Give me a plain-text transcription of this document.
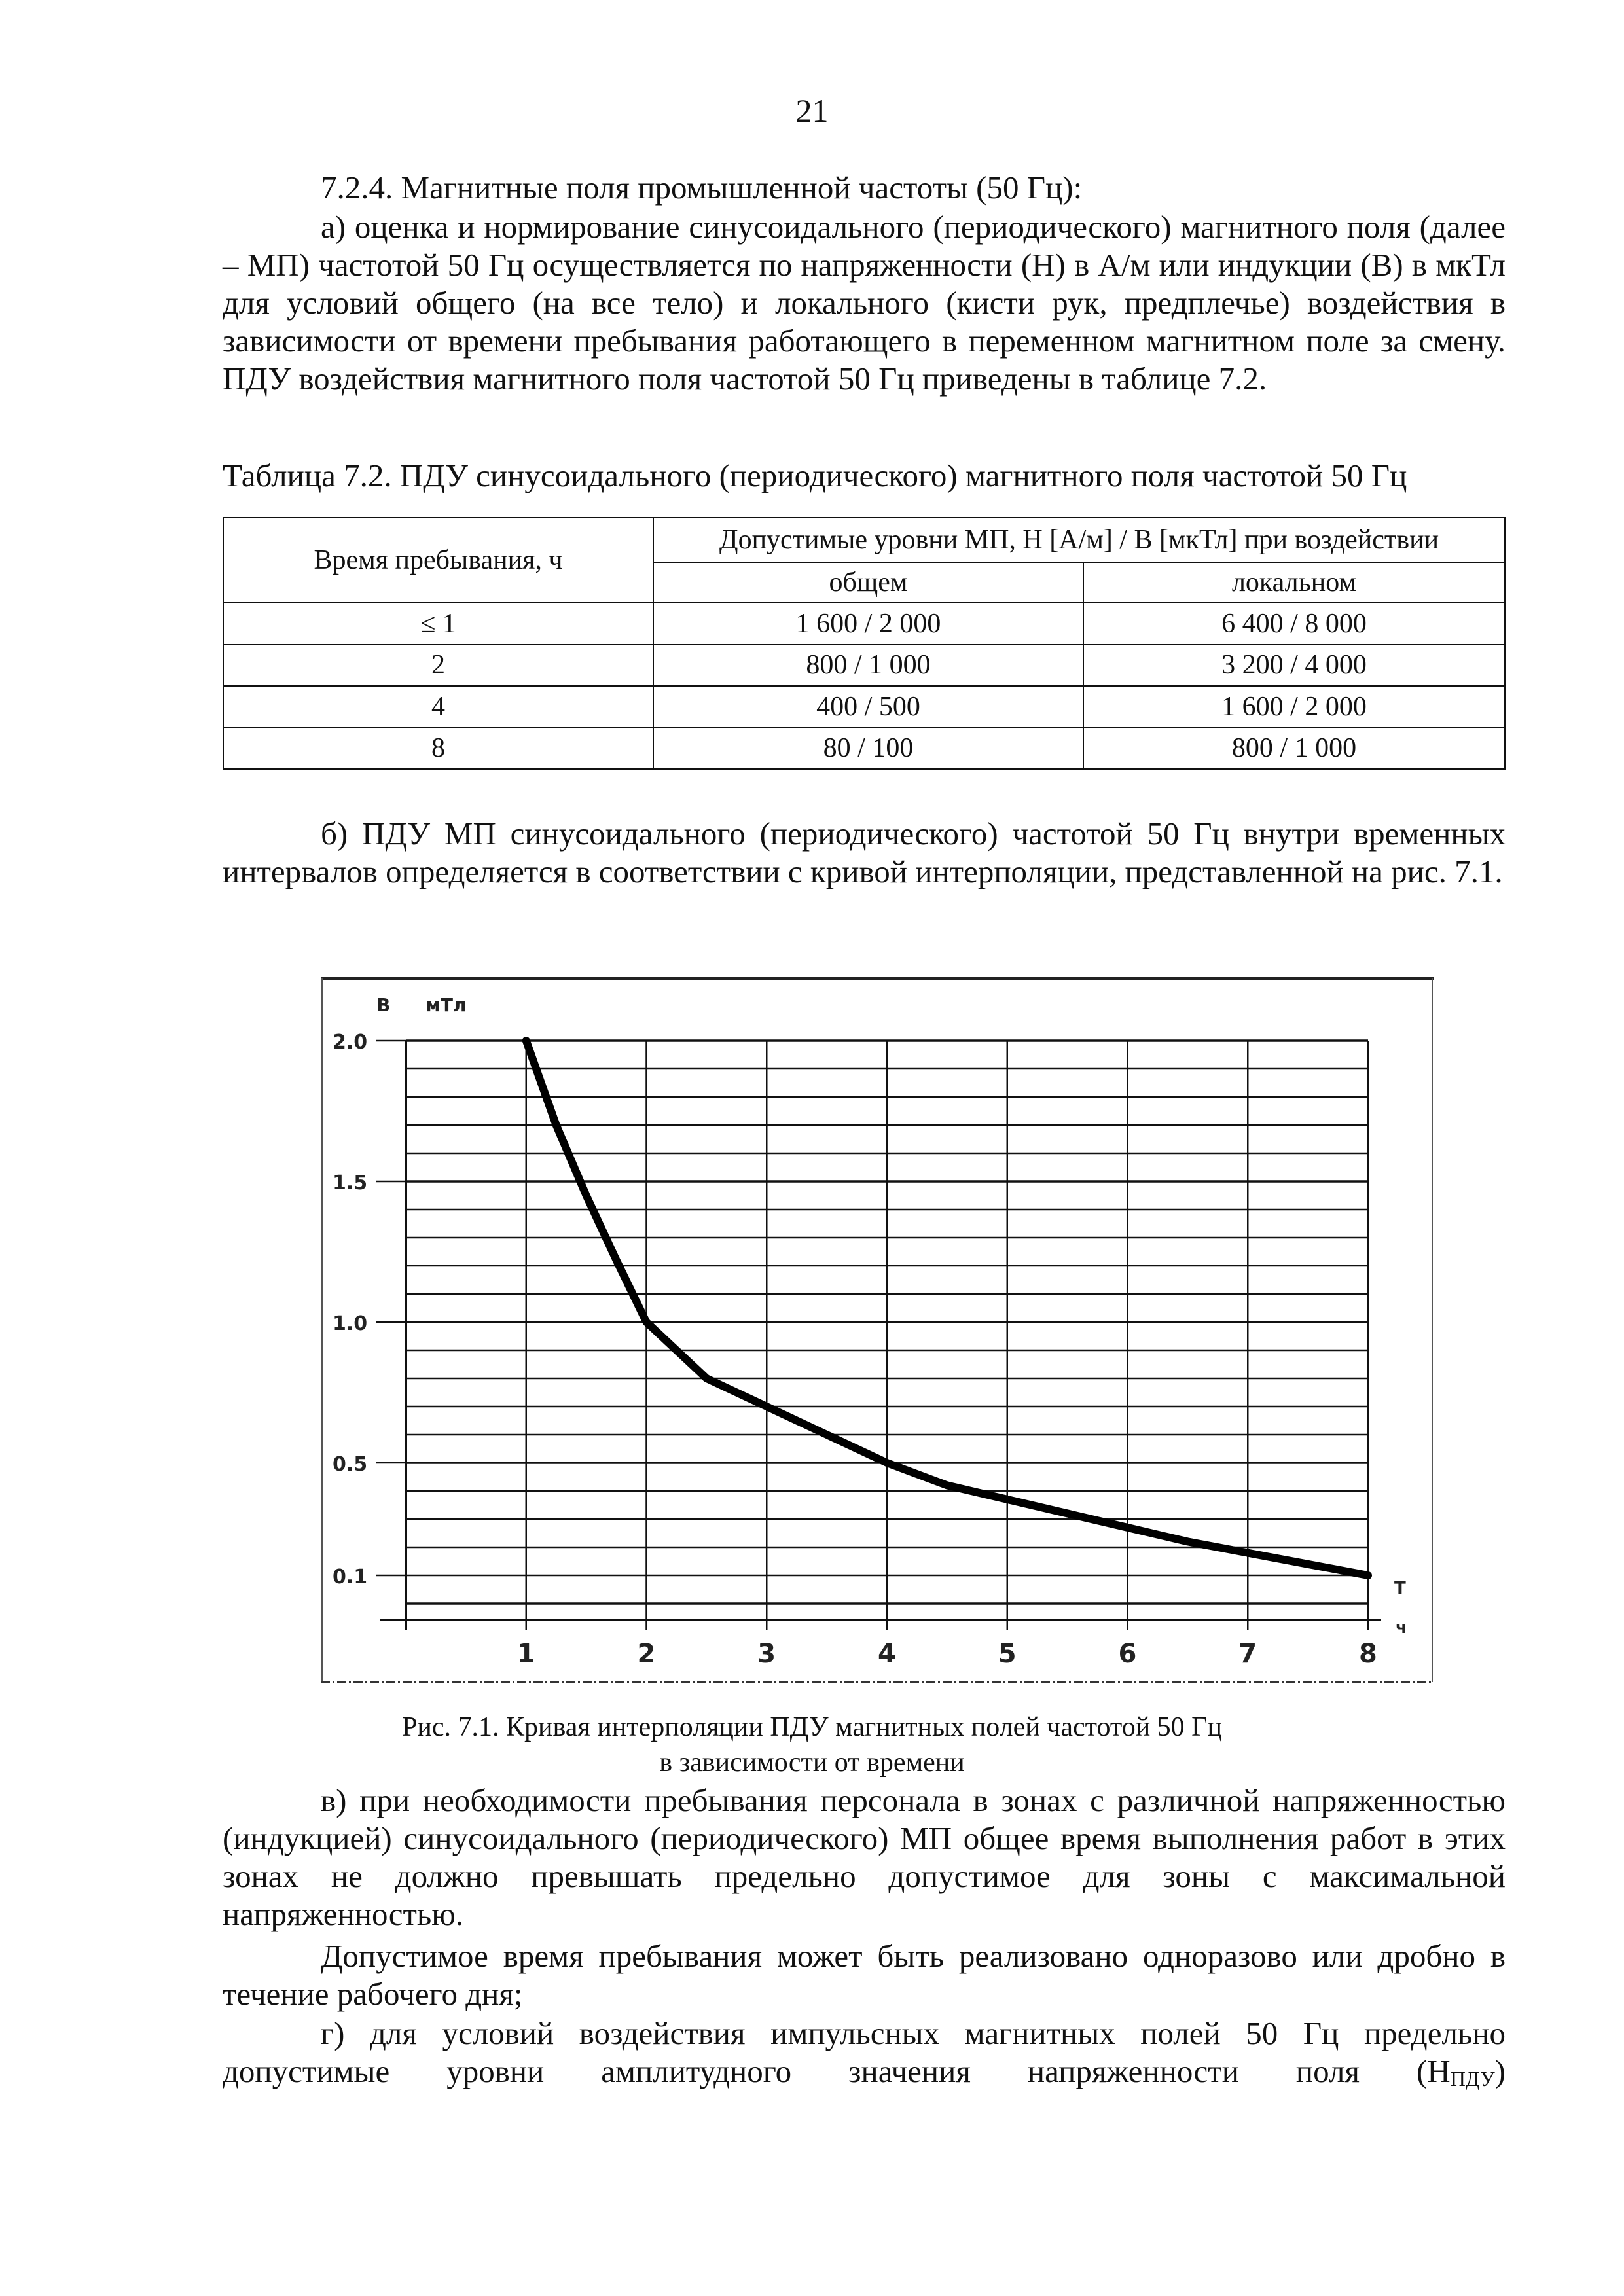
21
7.2.4. Магнитные поля промышленной частоты (50 Гц):
а) оценка и нормирование синусоидального (периодического) магнитного поля (далее – МП) частотой 50 Гц осуществляется по напряженности (Н) в А/м или индукции (В) в мкТл для условий общего (на все тело) и локального (кисти рук, предплечье) воздействия в зависимости от времени пребывания работающего в переменном магнитном поле за смену. ПДУ воздействия магнитного поля частотой 50 Гц приведены в таблице 7.2.
Таблица 7.2. ПДУ синусоидального (периодического) магнитного поля частотой 50 Гц
Время пребывания, ч	Допустимые уровни МП, Н [А/м] / В [мкТл] при воздействии	
	общем	локальном
≤ 1	1 600 / 2 000	6 400 / 8 000
2	800 / 1 000	3 200 / 4 000
4	400 / 500	1 600 / 2 000
8	80 / 100	800 / 1 000
б) ПДУ МП синусоидального (периодического) частотой 50 Гц внутри временных интервалов определяется в соответствии с кривой интерполяции, представленной на рис. 7.1.
2.0
1.5
1.0
0.5
0.1
B мТл
1	2	3	4	5	6	7	8
T
ч
Рис. 7.1. Кривая интерполяции ПДУ магнитных полей частотой 50 Гц
в зависимости от времени
в) при необходимости пребывания персонала в зонах с различной напряженностью (индукцией) синусоидального (периодического) МП общее время выполнения работ в этих зонах не должно превышать предельно допустимое для зоны с максимальной напряженностью.
Допустимое время пребывания может быть реализовано одноразово или дробно в течение рабочего дня;
г) для условий воздействия импульсных магнитных полей 50 Гц предельно допустимые уровни амплитудного значения напряженности поля (НПДУ)
